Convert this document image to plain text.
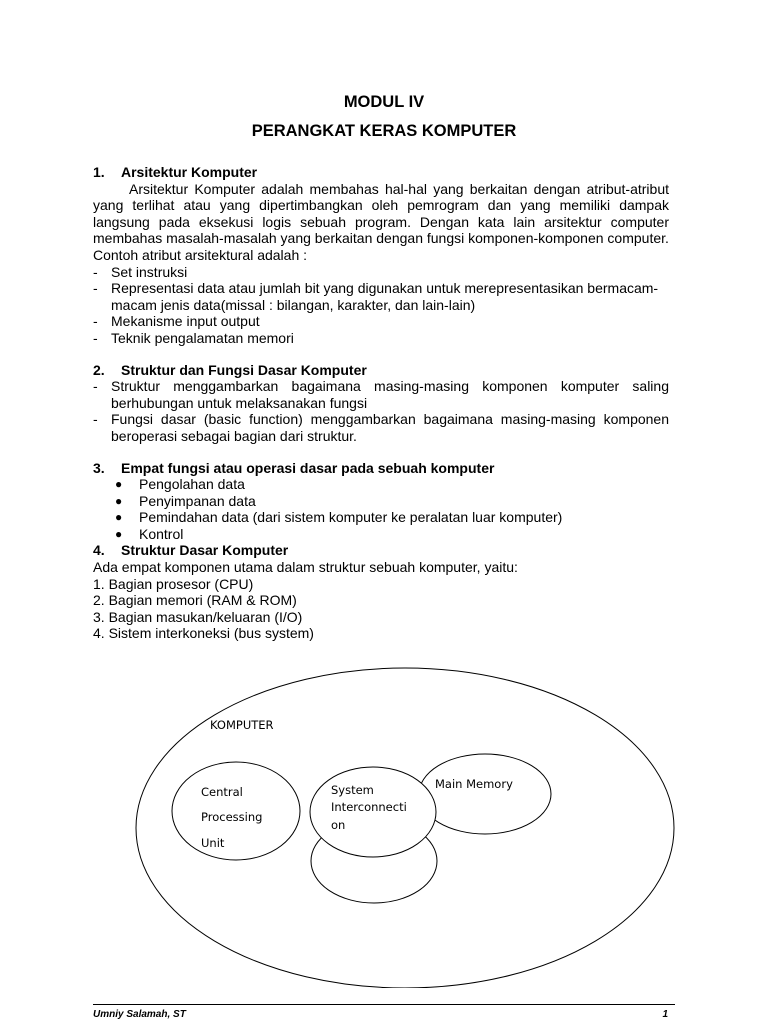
MODUL IV
PERANGKAT KERAS KOMPUTER
1.	Arsitektur Komputer

Arsitektur Komputer adalah membahas hal-hal yang berkaitan dengan atribut-atribut yang terlihat atau yang dipertimbangkan oleh pemrogram dan yang memiliki dampak langsung pada eksekusi logis sebuah program. Dengan kata lain arsitektur computer membahas masalah-masalah yang berkaitan dengan fungsi komponen-komponen computer.

Contoh atribut arsitektural adalah :

- Set instruksi
- Representasi data atau jumlah bit yang digunakan untuk merepresentasikan bermacam-macam jenis data(missal : bilangan, karakter, dan lain-lain)
- Mekanisme input output
- Teknik pengalamatan memori
2.	Struktur dan Fungsi Dasar Komputer
- Struktur menggambarkan bagaimana masing-masing komponen komputer saling berhubungan untuk melaksanakan fungsi
- Fungsi dasar (basic function) menggambarkan bagaimana masing-masing komponen beroperasi sebagai bagian dari struktur.
3.	Empat fungsi atau operasi dasar pada sebuah komputer
●	Pengolahan data
●	Penyimpanan data
●	Pemindahan data (dari sistem komputer ke peralatan luar komputer)
●	Kontrol
4.	Struktur Dasar Komputer

Ada empat komponen utama dalam struktur sebuah komputer, yaitu:

1. Bagian prosesor (CPU)

2. Bagian memori (RAM & ROM)

3. Bagian masukan/keluaran (I/O)

4. Sistem interkoneksi (bus system)

KOMPUTER
Central
Processing
Unit
System
Interconnecti
on
Main Memory
Umniy Salamah, ST	1
